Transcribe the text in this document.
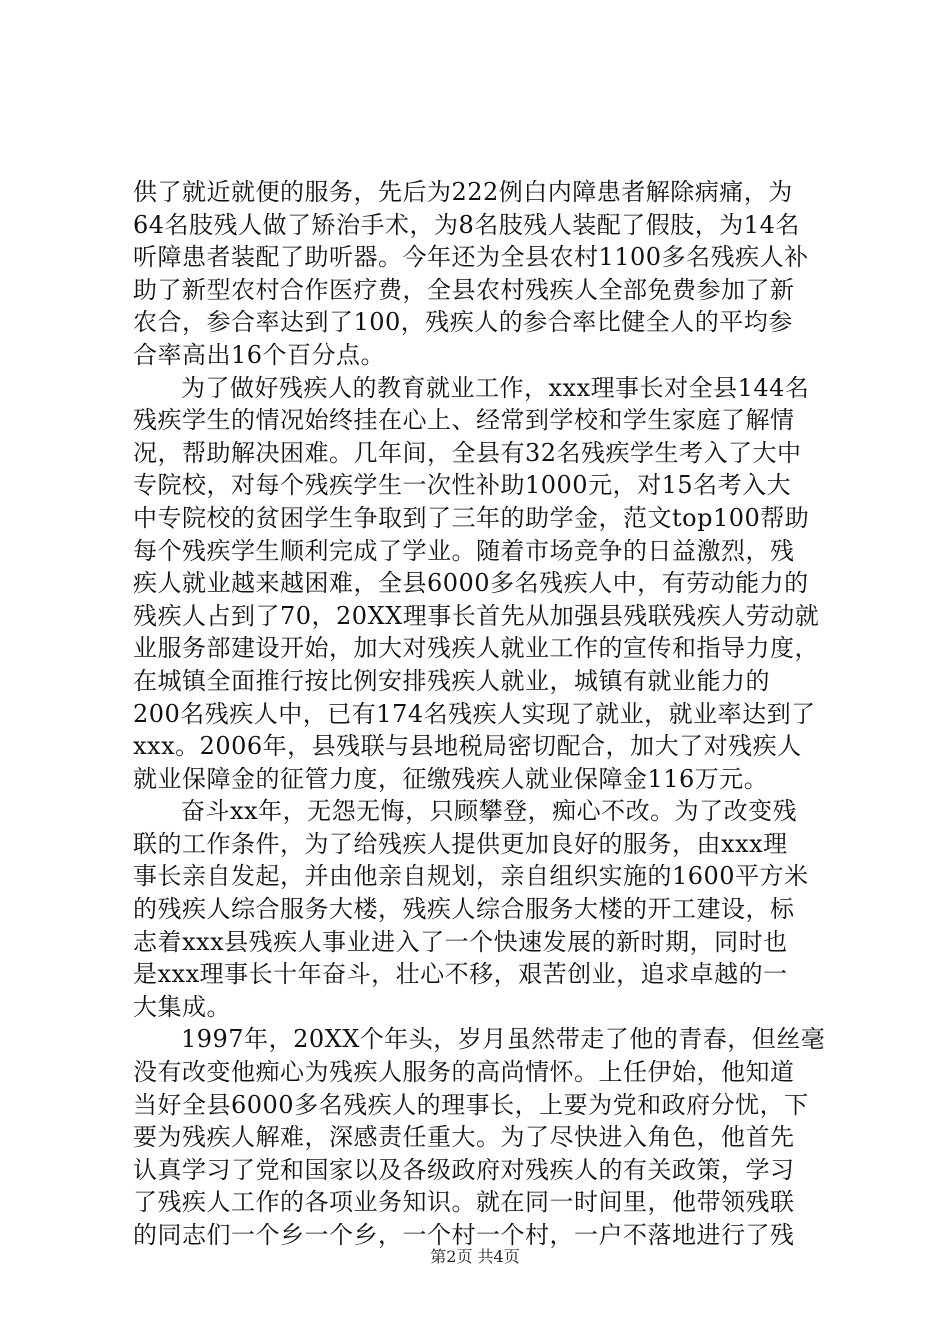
供了就近就便的服务，先后为222例白内障患者解除病痛，为
64名肢残人做了矫治手术，为8名肢残人装配了假肢，为14名
听障患者装配了助听器。今年还为全县农村1100多名残疾人补
助了新型农村合作医疗费，全县农村残疾人全部免费参加了新
农合，参合率达到了100，残疾人的参合率比健全人的平均参
合率高出16个百分点。
为了做好残疾人的教育就业工作，xxx理事长对全县144名
残疾学生的情况始终挂在心上、经常到学校和学生家庭了解情
况，帮助解决困难。几年间，全县有32名残疾学生考入了大中
专院校，对每个残疾学生一次性补助1000元，对15名考入大
中专院校的贫困学生争取到了三年的助学金，范文top100帮助
每个残疾学生顺利完成了学业。随着市场竞争的日益激烈，残
疾人就业越来越困难，全县6000多名残疾人中，有劳动能力的
残疾人占到了70，20XX理事长首先从加强县残联残疾人劳动就
业服务部建设开始，加大对残疾人就业工作的宣传和指导力度，
在城镇全面推行按比例安排残疾人就业，城镇有就业能力的
200名残疾人中，已有174名残疾人实现了就业，就业率达到了
xxx。2006年，县残联与县地税局密切配合，加大了对残疾人
就业保障金的征管力度，征缴残疾人就业保障金116万元。
奋斗xx年，无怨无悔，只顾攀登，痴心不改。为了改变残
联的工作条件，为了给残疾人提供更加良好的服务，由xxx理
事长亲自发起，并由他亲自规划，亲自组织实施的1600平方米
的残疾人综合服务大楼，残疾人综合服务大楼的开工建设，标
志着xxx县残疾人事业进入了一个快速发展的新时期，同时也
是xxx理事长十年奋斗，壮心不移，艰苦创业，追求卓越的一
大集成。
1997年，20XX个年头，岁月虽然带走了他的青春，但丝毫
没有改变他痴心为残疾人服务的高尚情怀。上任伊始，他知道
当好全县6000多名残疾人的理事长，上要为党和政府分忧，下
要为残疾人解难，深感责任重大。为了尽快进入角色，他首先
认真学习了党和国家以及各级政府对残疾人的有关政策，学习
了残疾人工作的各项业务知识。就在同一时间里，他带领残联
的同志们一个乡一个乡，一个村一个村，一户不落地进行了残
第2页 共4页
